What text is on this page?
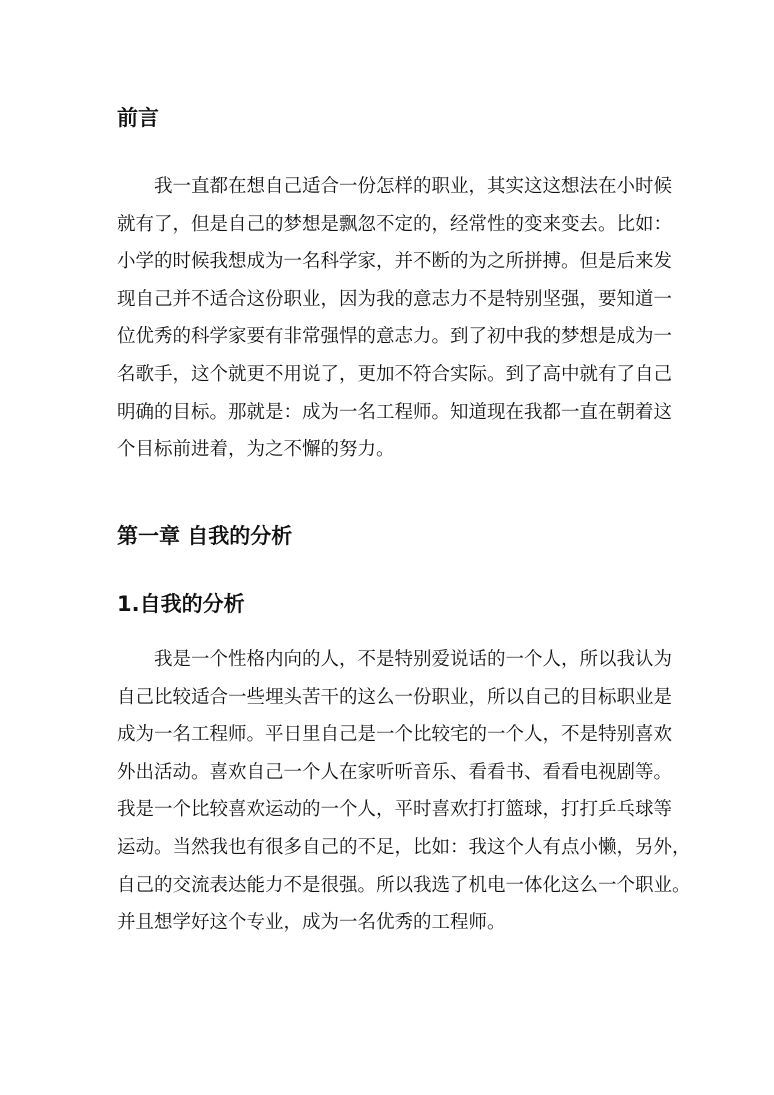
前言
我一直都在想自己适合一份怎样的职业，其实这这想法在小时候
就有了，但是自己的梦想是飘忽不定的，经常性的变来变去。比如：
小学的时候我想成为一名科学家，并不断的为之所拼搏。但是后来发
现自己并不适合这份职业，因为我的意志力不是特别坚强，要知道一
位优秀的科学家要有非常强悍的意志力。到了初中我的梦想是成为一
名歌手，这个就更不用说了，更加不符合实际。到了高中就有了自己
明确的目标。那就是：成为一名工程师。知道现在我都一直在朝着这
个目标前进着，为之不懈的努力。
第一章 自我的分析
1.自我的分析
我是一个性格内向的人，不是特别爱说话的一个人，所以我认为
自己比较适合一些埋头苦干的这么一份职业，所以自己的目标职业是
成为一名工程师。平日里自己是一个比较宅的一个人，不是特别喜欢
外出活动。喜欢自己一个人在家听听音乐、看看书、看看电视剧等。
我是一个比较喜欢运动的一个人，平时喜欢打打篮球，打打乒乓球等
运动。当然我也有很多自己的不足，比如：我这个人有点小懒，另外，
自己的交流表达能力不是很强。所以我选了机电一体化这么一个职业。
并且想学好这个专业，成为一名优秀的工程师。
